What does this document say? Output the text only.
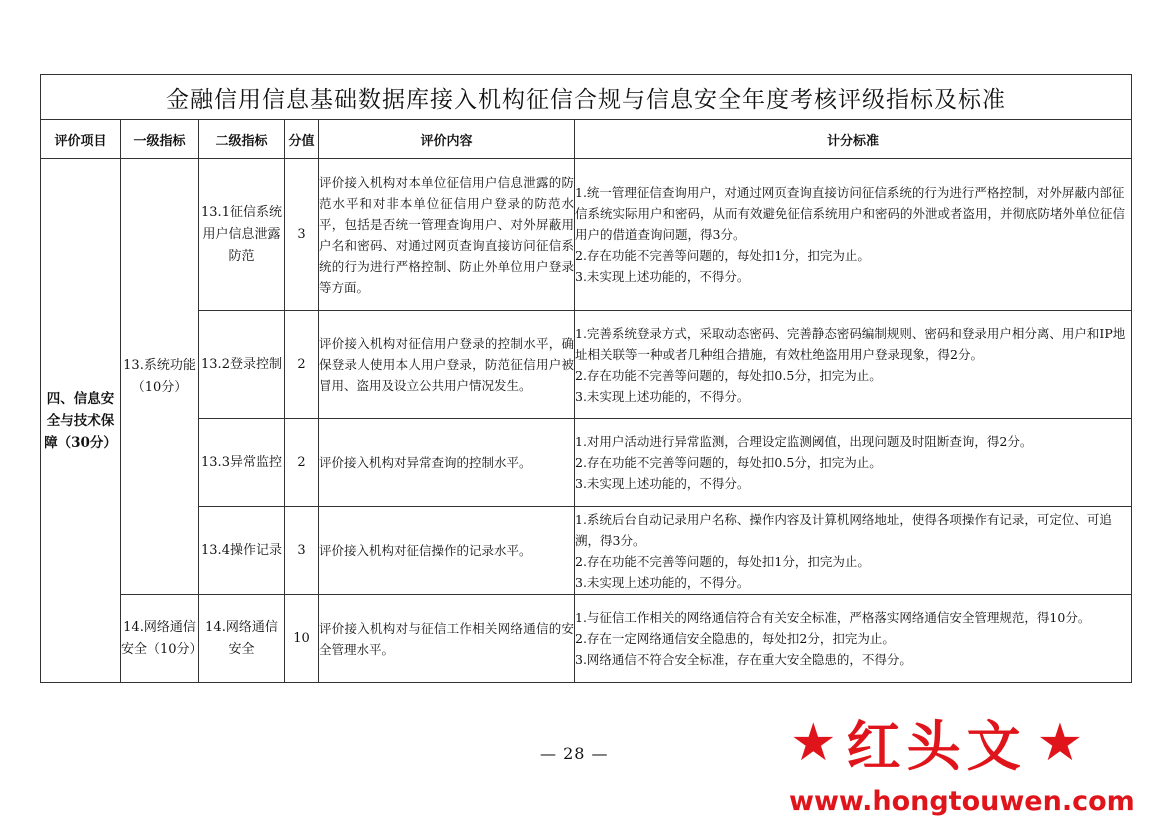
金融信用信息基础数据库接入机构征信合规与信息安全年度考核评级指标及标准					
评价项目	一级指标	二级指标	分值	评价内容	计分标准
四、信息安全与技术保障（30分）	13.系统功能（10分）	13.1征信系统用户信息泄露防范	3	评价接入机构对本单位征信用户信息泄露的防范水平和对非本单位征信用户登录的防范水平，包括是否统一管理查询用户、对外屏蔽用户名和密码、对通过网页查询直接访问征信系统的行为进行严格控制、防止外单位用户登录等方面。	1.统一管理征信查询用户，对通过网页查询直接访问征信系统的行为进行严格控制，对外屏蔽内部征信系统实际用户和密码，从而有效避免征信系统用户和密码的外泄或者盗用，并彻底防堵外单位征信用户的借道查询问题，得3分。
2.存在功能不完善等问题的，每处扣1分，扣完为止。
3.未实现上述功能的，不得分。

		13.2登录控制	2	评价接入机构对征信用户登录的控制水平，确保登录人使用本人用户登录，防范征信用户被冒用、盗用及设立公共用户情况发生。	1.完善系统登录方式，采取动态密码、完善静态密码编制规则、密码和登录用户相分离、用户和IP地址相关联等一种或者几种组合措施，有效杜绝盗用用户登录现象，得2分。
2.存在功能不完善等问题的，每处扣0.5分，扣完为止。
3.未实现上述功能的，不得分。

		13.3异常监控	2	评价接入机构对异常查询的控制水平。	1.对用户活动进行异常监测，合理设定监测阈值，出现问题及时阻断查询，得2分。
2.存在功能不完善等问题的，每处扣0.5分，扣完为止。
3.未实现上述功能的，不得分。

		13.4操作记录	3	评价接入机构对征信操作的记录水平。	1.系统后台自动记录用户名称、操作内容及计算机网络地址，使得各项操作有记录，可定位、可追溯，得3分。
2.存在功能不完善等问题的，每处扣1分，扣完为止。
3.未实现上述功能的，不得分。

	14.网络通信安全（10分）	14.网络通信安全	10	评价接入机构对与征信工作相关网络通信的安全管理水平。	1.与征信工作相关的网络通信符合有关安全标准，严格落实网络通信安全管理规范，得10分。
2.存在一定网络通信安全隐患的，每处扣2分，扣完为止。
3.网络通信不符合安全标准，存在重大安全隐患的，不得分。
— 28 —	★ 红头文 ★
www.hongtouwen.com
